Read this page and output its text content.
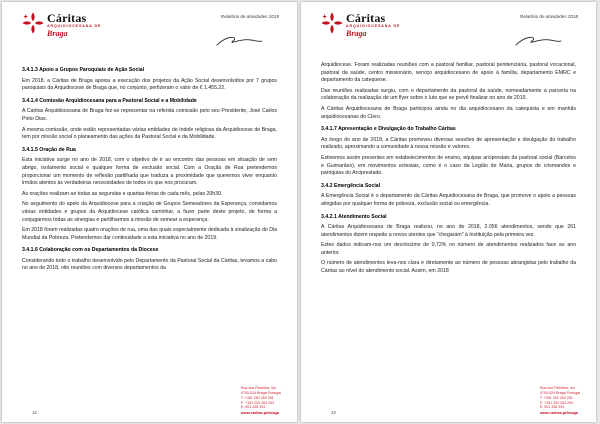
Cáritas
ARQUIDIOCESANA DE
Braga
Relatório de atividades 2018
3.4.1.3 Apoio a Grupos Paroquiais de Ação Social
Em 2018, a Cáritas de Braga apoiou a execução dos projetos da Ação Social desenvolvidos por 7 grupos paroquiais da Arquidiocese de Braga que, no conjunto, perfizeram o valor de € 1.455,22.
3.4.1.4 Comissão Arquidiocesana para a Pastoral Social e a Mobilidade
A Cáritas Arquidiocesana de Braga fez-se representar na referida comissão pelo seu Presidente, José Carlos Pinto Dias.
A mesma comissão, onde estão representadas várias entidades de índole religiosa da Arquidiocese de Braga, tem por missão social o planeamento das ações da Pastoral Social e da Mobilidade.
3.4.1.5 Oração de Rua
Esta iniciativa surge no ano de 2018, com o objetivo de ir ao encontro das pessoas em situação de sem abrigo, isolamento social e qualquer forma de exclusão social. Com a Oração de Rua pretendemos proporcionar um momento de reflexão partilhada que traduza a proximidade que queremos viver enquanto irmãos atentos às verdadeiras necessidades de todos os que nos procuram.
As orações realizam-se todas as segundas e quartas-feiras de cada mês, pelas 20h30.
No seguimento do apelo da Arquidiocese para a criação de Grupos Semeadores da Esperança, convidamos várias entidades e grupos da Arquidiocese católica caminhar, a fazer parte deste projeto, de forma a conjugarmos todas as sinergias e partilharmos a missão de semear a esperança.
Em 2018 foram realizadas quatro orações de rua, uma das quais especialmente dedicada à sinalização do Dia Mundial da Pobreza. Pretendemos dar continuidade a esta iniciativa no ano de 2019.
3.4.1.6 Colaboração com os Departamentos da Diocese
Considerando todo o trabalho desenvolvido pelo Departamento da Pastoral Social da Cáritas, levamos a cabo no ano de 2018, oito reuniões com diversos departamentos da
12
Rua dos Pelotões, s/n
4700-024 Braga Portugal
T: +351 253 263 251
F: +351 253 263 253
E: 501 438 394
www.caritas.pt/braga
Cáritas
ARQUIDIOCESANA DE
Braga
Relatório de atividades 2018
Arquidiocese. Foram realizadas reuniões com a pastoral familiar, pastoral penitenciária, pastoral vocacional, pastoral da saúde, centro missionário, serviço arquidiocesano de apoio à família, departamento EMRC e departamento da catequese.
Das reuniões realizadas surgiu, com o departamento da pastoral da saúde, nomeadamente a parceria na colaboração da realização de um flyer sobre o luto que se prevê finalizar no ano de 2019.
A Cáritas Arquidiocesana de Braga participou ainda no dia arquidiocesano da catequista e em manhãs arquidiocesanas do Clero.
3.4.1.7 Apresentação e Divulgação do Trabalho Cáritas
Ao longo do ano de 2018, a Cáritas promoveu diversas sessões de apresentação e divulgação do trabalho realizado, aproximando a comunidade à nossa missão e valores.
Estivemos assim presentes em estabelecimentos de ensino, equipas arciprestais da pastoral social (Barcelos e Guimarães), em movimentos eclesiais, como é o caso da Legião de Maria, grupos de crismandos e paróquias do Arciprestado.
3.4.2 Emergência Social
A Emergência Social é o departamento da Cáritas Arquidiocesana de Braga, que promove o apoio a pessoas atingidas por qualquer forma de pobreza, exclusão social ou emergência.
3.4.2.1 Atendimento Social
A Cáritas Arquidiocesana de Braga realizou, no ano de 2018, 2.056 atendimentos, sendo que 261 atendimentos dizem respeito a novos utentes que “chegaram” à Instituição pela primeira vez.
Estes dados indicam-nos um decréscimo de 0,72% no número de atendimentos realizados face ao ano anterior.
O número de atendimentos leva-nos clara e diretamente ao número de pessoas abrangidas pelo trabalho da Cáritas ao nível do atendimento social. Assim, em 2018
13
Rua dos Pelotões, s/n
4700-024 Braga Portugal
T: +351 253 263 251
F: +351 253 263 253
E: 501 438 394
www.caritas.pt/braga
